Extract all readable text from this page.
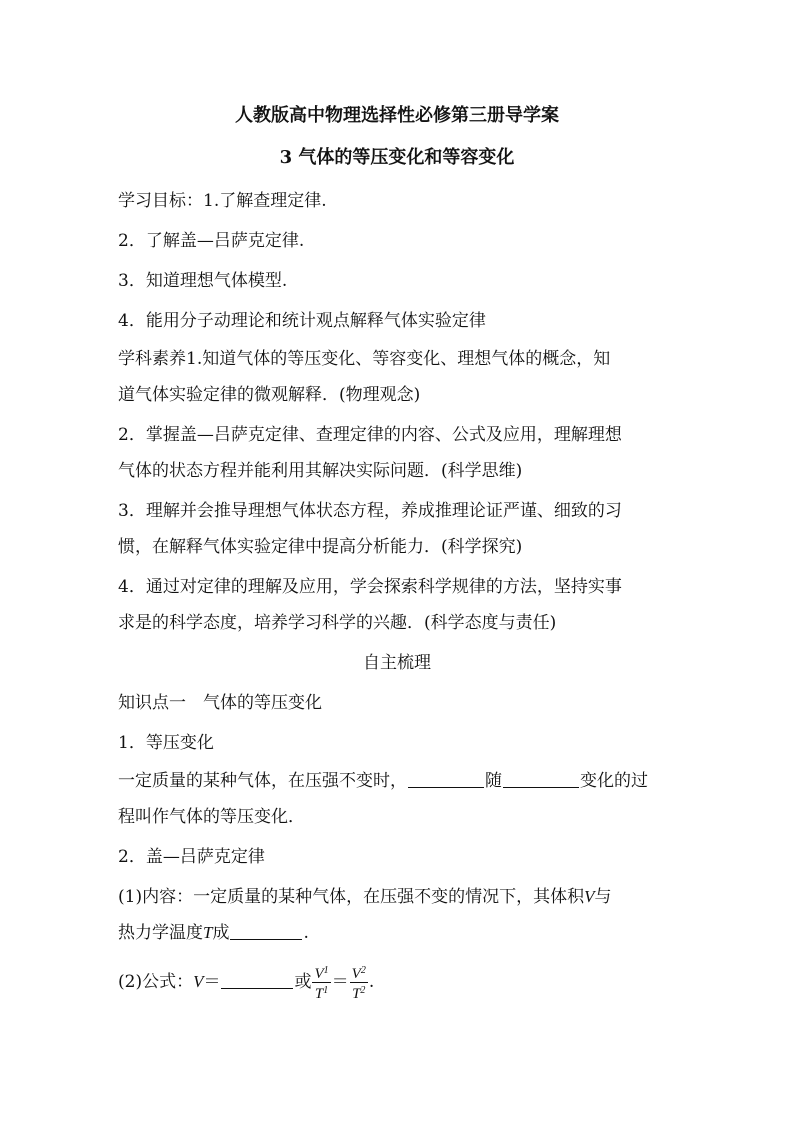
人教版高中物理选择性必修第三册导学案
3 气体的等压变化和等容变化
学习目标：1.了解查理定律.
2．了解盖—吕萨克定律.
3．知道理想气体模型.
4．能用分子动理论和统计观点解释气体实验定律
学科素养1.知道气体的等压变化、等容变化、理想气体的概念，知
道气体实验定律的微观解释．(物理观念)
2．掌握盖—吕萨克定律、查理定律的内容、公式及应用，理解理想
气体的状态方程并能利用其解决实际问题．(科学思维)
3．理解并会推导理想气体状态方程，养成推理论证严谨、细致的习
惯，在解释气体实验定律中提高分析能力．(科学探究)
4．通过对定律的理解及应用，学会探索科学规律的方法，坚持实事
求是的科学态度，培养学习科学的兴趣．(科学态度与责任)
自主梳理
知识点一　气体的等压变化
1．等压变化
一定质量的某种气体，在压强不变时，	随	变化的过
程叫作气体的等压变化．
2．盖—吕萨克定律
(1)内容：一定质量的某种气体，在压强不变的情况下，其体积V与
热力学温度T成	.
(2)公式：V＝	或 $\frac{V^1}{T^1} = \frac{V^2}{T^2}$ .
